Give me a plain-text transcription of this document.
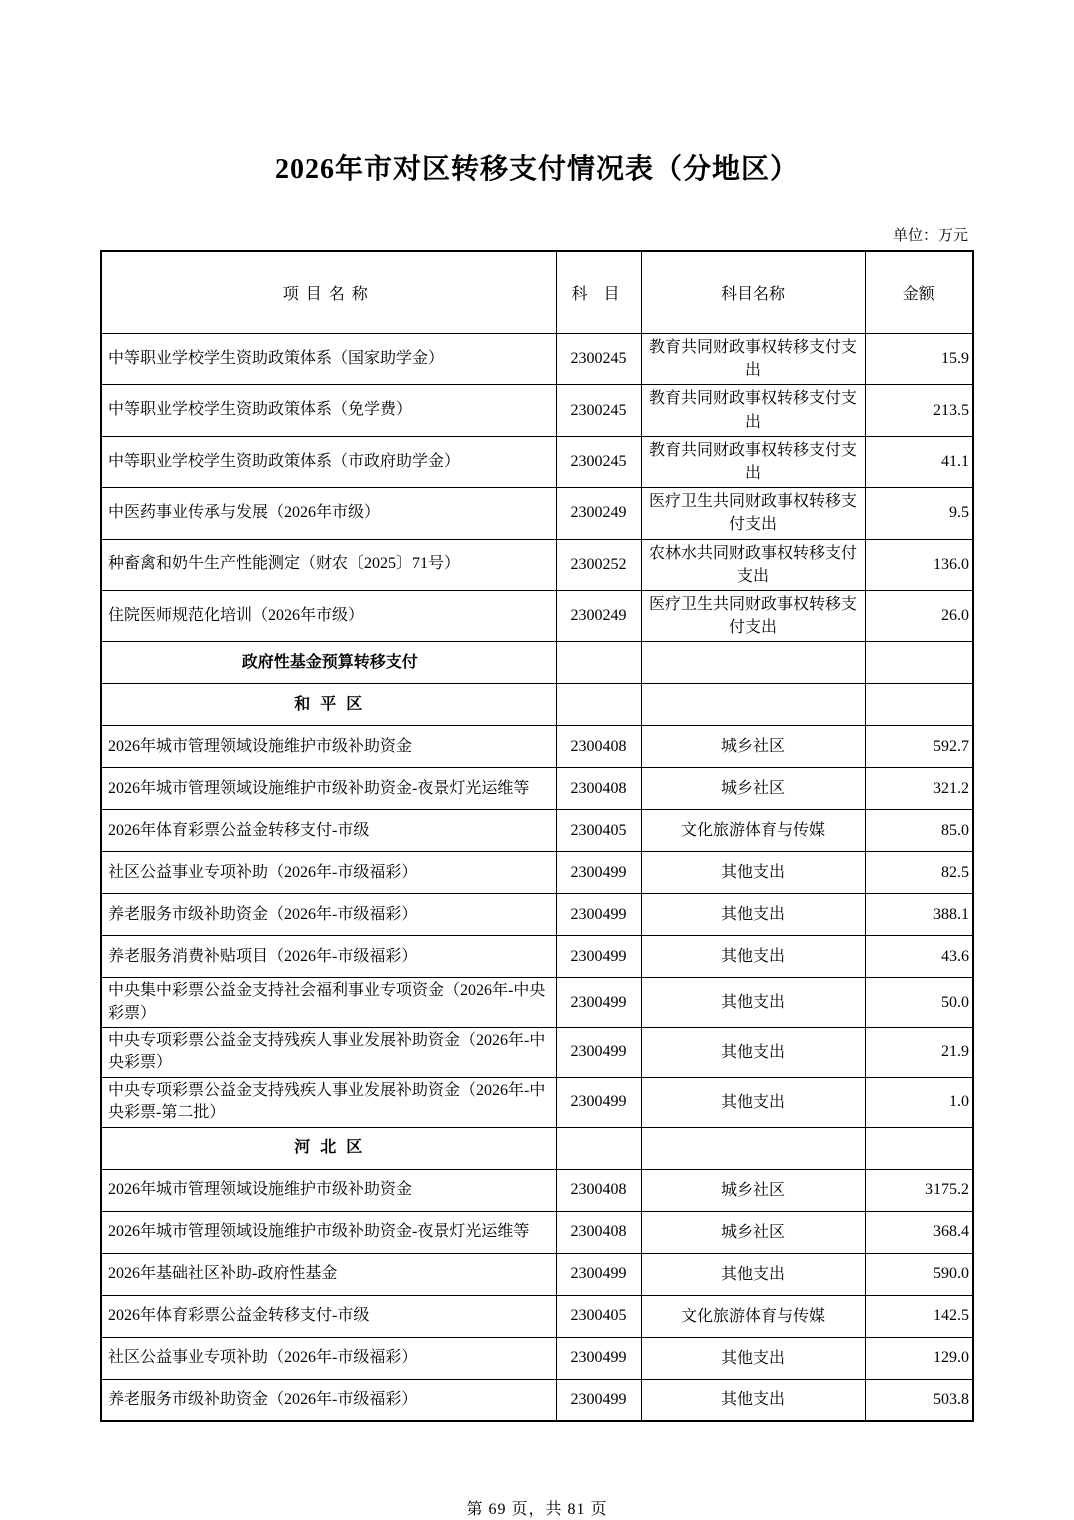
2026年市对区转移支付情况表（分地区）
单位：万元
项目名称	科 目	科目名称	金额
中等职业学校学生资助政策体系（国家助学金）	2300245	教育共同财政事权转移支付支出	15.9
中等职业学校学生资助政策体系（免学费）	2300245	教育共同财政事权转移支付支出	213.5
中等职业学校学生资助政策体系（市政府助学金）	2300245	教育共同财政事权转移支付支出	41.1
中医药事业传承与发展（2026年市级）	2300249	医疗卫生共同财政事权转移支付支出	9.5
种畜禽和奶牛生产性能测定（财农〔2025〕71号）	2300252	农林水共同财政事权转移支付支出	136.0
住院医师规范化培训（2026年市级）	2300249	医疗卫生共同财政事权转移支付支出	26.0
政府性基金预算转移支付			
和 平 区			
2026年城市管理领域设施维护市级补助资金	2300408	城乡社区	592.7
2026年城市管理领域设施维护市级补助资金-夜景灯光运维等	2300408	城乡社区	321.2
2026年体育彩票公益金转移支付-市级	2300405	文化旅游体育与传媒	85.0
社区公益事业专项补助（2026年-市级福彩）	2300499	其他支出	82.5
养老服务市级补助资金（2026年-市级福彩）	2300499	其他支出	388.1
养老服务消费补贴项目（2026年-市级福彩）	2300499	其他支出	43.6
中央集中彩票公益金支持社会福利事业专项资金（2026年-中央彩票）	2300499	其他支出	50.0
中央专项彩票公益金支持残疾人事业发展补助资金（2026年-中央彩票）	2300499	其他支出	21.9
中央专项彩票公益金支持残疾人事业发展补助资金（2026年-中央彩票-第二批）	2300499	其他支出	1.0
河 北 区			
2026年城市管理领域设施维护市级补助资金	2300408	城乡社区	3175.2
2026年城市管理领域设施维护市级补助资金-夜景灯光运维等	2300408	城乡社区	368.4
2026年基础社区补助-政府性基金	2300499	其他支出	590.0
2026年体育彩票公益金转移支付-市级	2300405	文化旅游体育与传媒	142.5
社区公益事业专项补助（2026年-市级福彩）	2300499	其他支出	129.0
养老服务市级补助资金（2026年-市级福彩）	2300499	其他支出	503.8
第 69 页，共 81 页
